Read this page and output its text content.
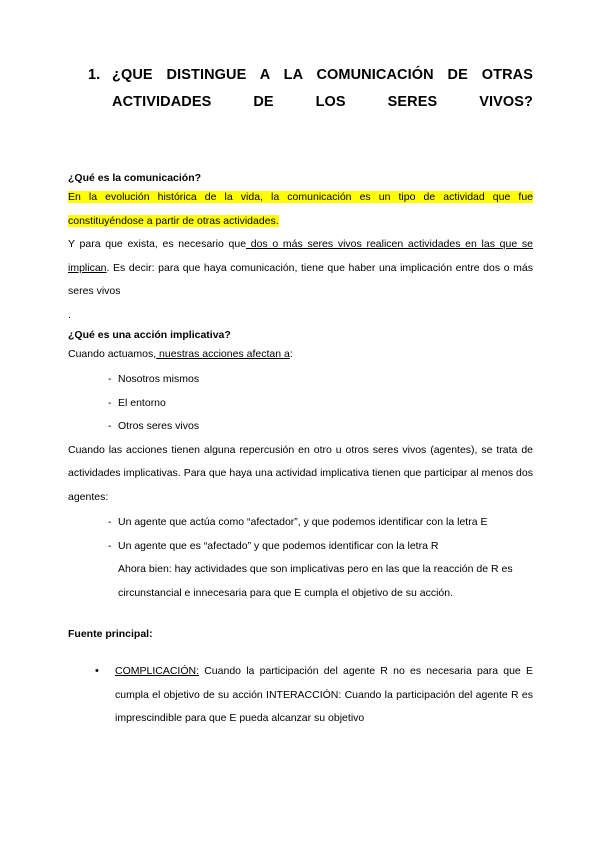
1. ¿QUE DISTINGUE A LA COMUNICACIÓN DE OTRAS ACTIVIDADES DE LOS SERES VIVOS?
¿Qué es la comunicación?

En la evolución histórica de la vida, la comunicación es un tipo de actividad que fue constituyéndose a partir de otras actividades.

Y para que exista, es necesario que dos o más seres vivos realicen actividades en las que se implican. Es decir: para que haya comunicación, tiene que haber una implicación entre dos o más seres vivos

.

¿Qué es una acción implicativa?

Cuando actuamos, nuestras acciones afectan a:

- Nosotros mismos
- El entorno
- Otros seres vivos

Cuando las acciones tienen alguna repercusión en otro u otros seres vivos (agentes), se trata de actividades implicativas. Para que haya una actividad implicativa tienen que participar al menos dos agentes:

- Un agente que actúa como “afectador”, y que podemos identificar con la letra E
- Un agente que es “afectado” y que podemos identificar con la letra R

Ahora bien: hay actividades que son implicativas pero en las que la reacción de R es circunstancial e innecesaria para que E cumpla el objetivo de su acción.

Fuente principal:
• COMPLICACIÓN: Cuando la participación del agente R no es necesaria para que E cumpla el objetivo de su acción INTERACCIÓN: Cuando la participación del agente R es imprescindible para que E pueda alcanzar su objetivo
